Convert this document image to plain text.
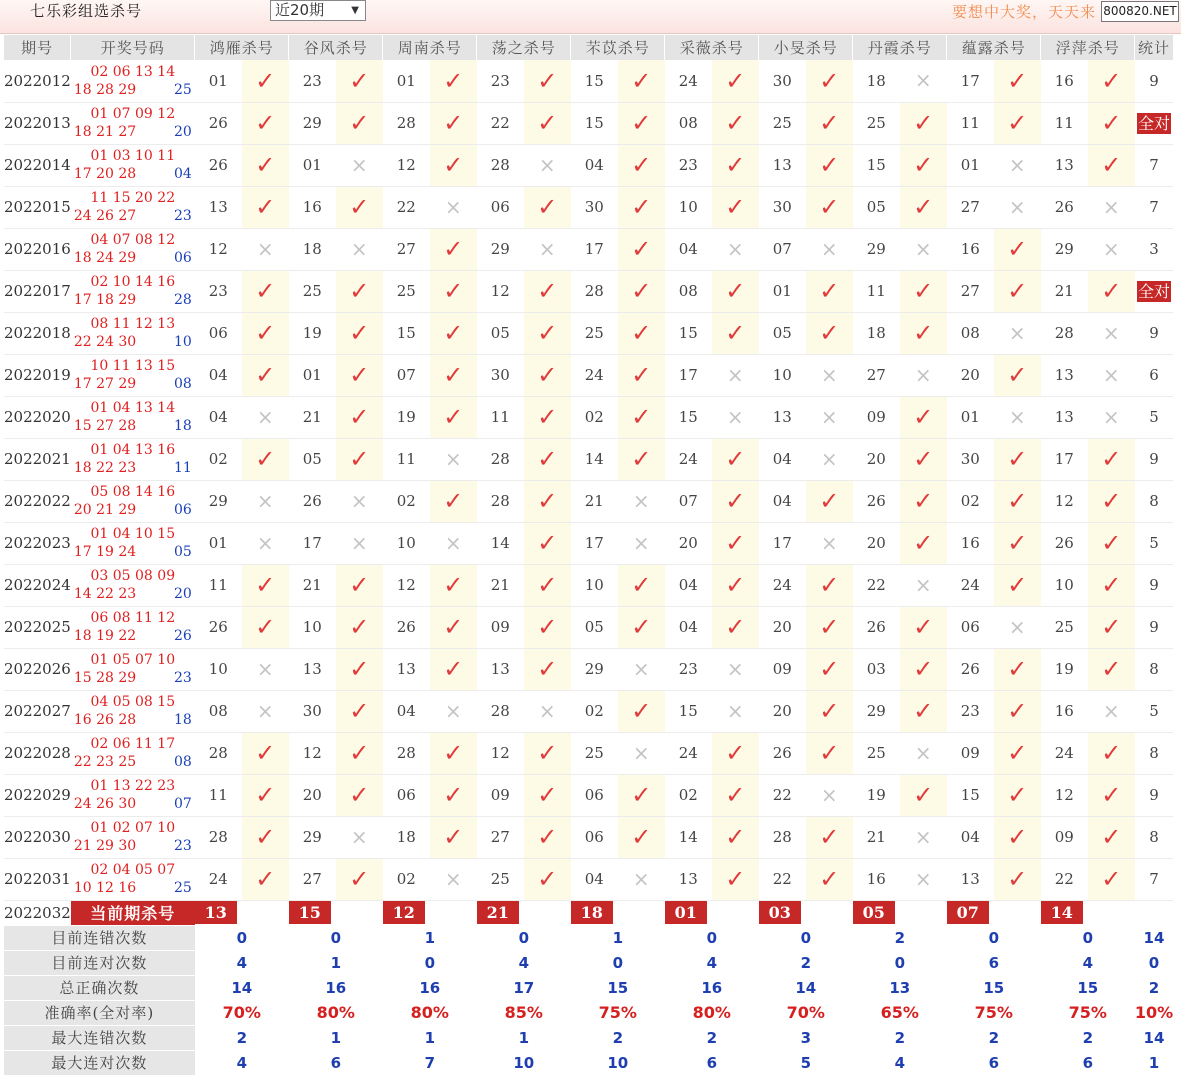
七乐彩组选杀号	近20期	▼	要想中大奖，天天来 800820.NET
期号	开奖号码	鸿雁杀号		谷风杀号		周南杀号		荡之杀号		芣苡杀号		采薇杀号		小旻杀号		丹霞杀号		蕴露杀号		浮萍杀号		统计
2022012	02 06 13 14
18 28 29 25	01	✓	23	✓	01	✓	23	✓	15	✓	24	✓	30	✓	18	×	17	✓	16	✓	9
2022013	01 07 09 12
18 21 27 20	26	✓	29	✓	28	✓	22	✓	15	✓	08	✓	25	✓	25	✓	11	✓	11	✓	全对
2022014	01 03 10 11
17 20 28 04	26	✓	01	×	12	✓	28	×	04	✓	23	✓	13	✓	15	✓	01	×	13	✓	7
2022015	11 15 20 22
24 26 27 23	13	✓	16	✓	22	×	06	✓	30	✓	10	✓	30	✓	05	✓	27	×	26	×	7
2022016	04 07 08 12
18 24 29 06	12	×	18	×	27	✓	29	×	17	✓	04	×	07	×	29	×	16	✓	29	×	3
2022017	02 10 14 16
17 18 29 28	23	✓	25	✓	25	✓	12	✓	28	✓	08	✓	01	✓	11	✓	27	✓	21	✓	全对
2022018	08 11 12 13
22 24 30 10	06	✓	19	✓	15	✓	05	✓	25	✓	15	✓	05	✓	18	✓	08	×	28	×	9
2022019	10 11 13 15
17 27 29 08	04	✓	01	✓	07	✓	30	✓	24	✓	17	×	10	×	27	×	20	✓	13	×	6
2022020	01 04 13 14
15 27 28 18	04	×	21	✓	19	✓	11	✓	02	✓	15	×	13	×	09	✓	01	×	13	×	5
2022021	01 04 13 16
18 22 23 11	02	✓	05	✓	11	×	28	✓	14	✓	24	✓	04	×	20	✓	30	✓	17	✓	9
2022022	05 08 14 16
20 21 29 06	29	×	26	×	02	✓	28	✓	21	×	07	✓	04	✓	26	✓	02	✓	12	✓	8
2022023	01 04 10 15
17 19 24 05	01	×	17	×	10	×	14	✓	17	×	20	✓	17	×	20	✓	16	✓	26	✓	5
2022024	03 05 08 09
14 22 23 20	11	✓	21	✓	12	✓	21	✓	10	✓	04	✓	24	✓	22	×	24	✓	10	✓	9
2022025	06 08 11 12
18 19 22 26	26	✓	10	✓	26	✓	09	✓	05	✓	04	✓	20	✓	26	✓	06	×	25	✓	9
2022026	01 05 07 10
15 28 29 23	10	×	13	✓	13	✓	13	✓	29	×	23	×	09	✓	03	✓	26	✓	19	✓	8
2022027	04 05 08 15
16 26 28 18	08	×	30	✓	04	×	28	×	02	✓	15	×	20	✓	29	✓	23	✓	16	×	5
2022028	02 06 11 17
22 23 25 08	28	✓	12	✓	28	✓	12	✓	25	×	24	✓	26	✓	25	×	09	✓	24	✓	8
2022029	01 13 22 23
24 26 30 07	11	✓	20	✓	06	✓	09	✓	06	✓	02	✓	22	×	19	✓	15	✓	12	✓	9
2022030	01 02 07 10
21 29 30 23	28	✓	29	×	18	✓	27	✓	06	✓	14	✓	28	✓	21	×	04	✓	09	✓	8
2022031	02 04 05 07
10 12 16 25	24	✓	27	✓	02	×	25	✓	04	×	13	✓	22	✓	16	×	13	✓	22	✓	7
2022032	当前期杀号	13		15		12		21		18		01		03		05		07		14		
目前连错次数		0		0		1		0		1		0		0		2		0		0		14
目前连对次数		4		1		0		4		0		4		2		0		6		4		0
总正确次数		14		16		16		17		15		16		14		13		15		15		2
准确率(全对率)		70%		80%		80%		85%		75%		80%		70%		65%		75%		75%		10%
最大连错次数		2		1		1		1		2		2		3		2		2		2		14
最大连对次数		4		6		7		10		10		6		5		4		6		6		1
